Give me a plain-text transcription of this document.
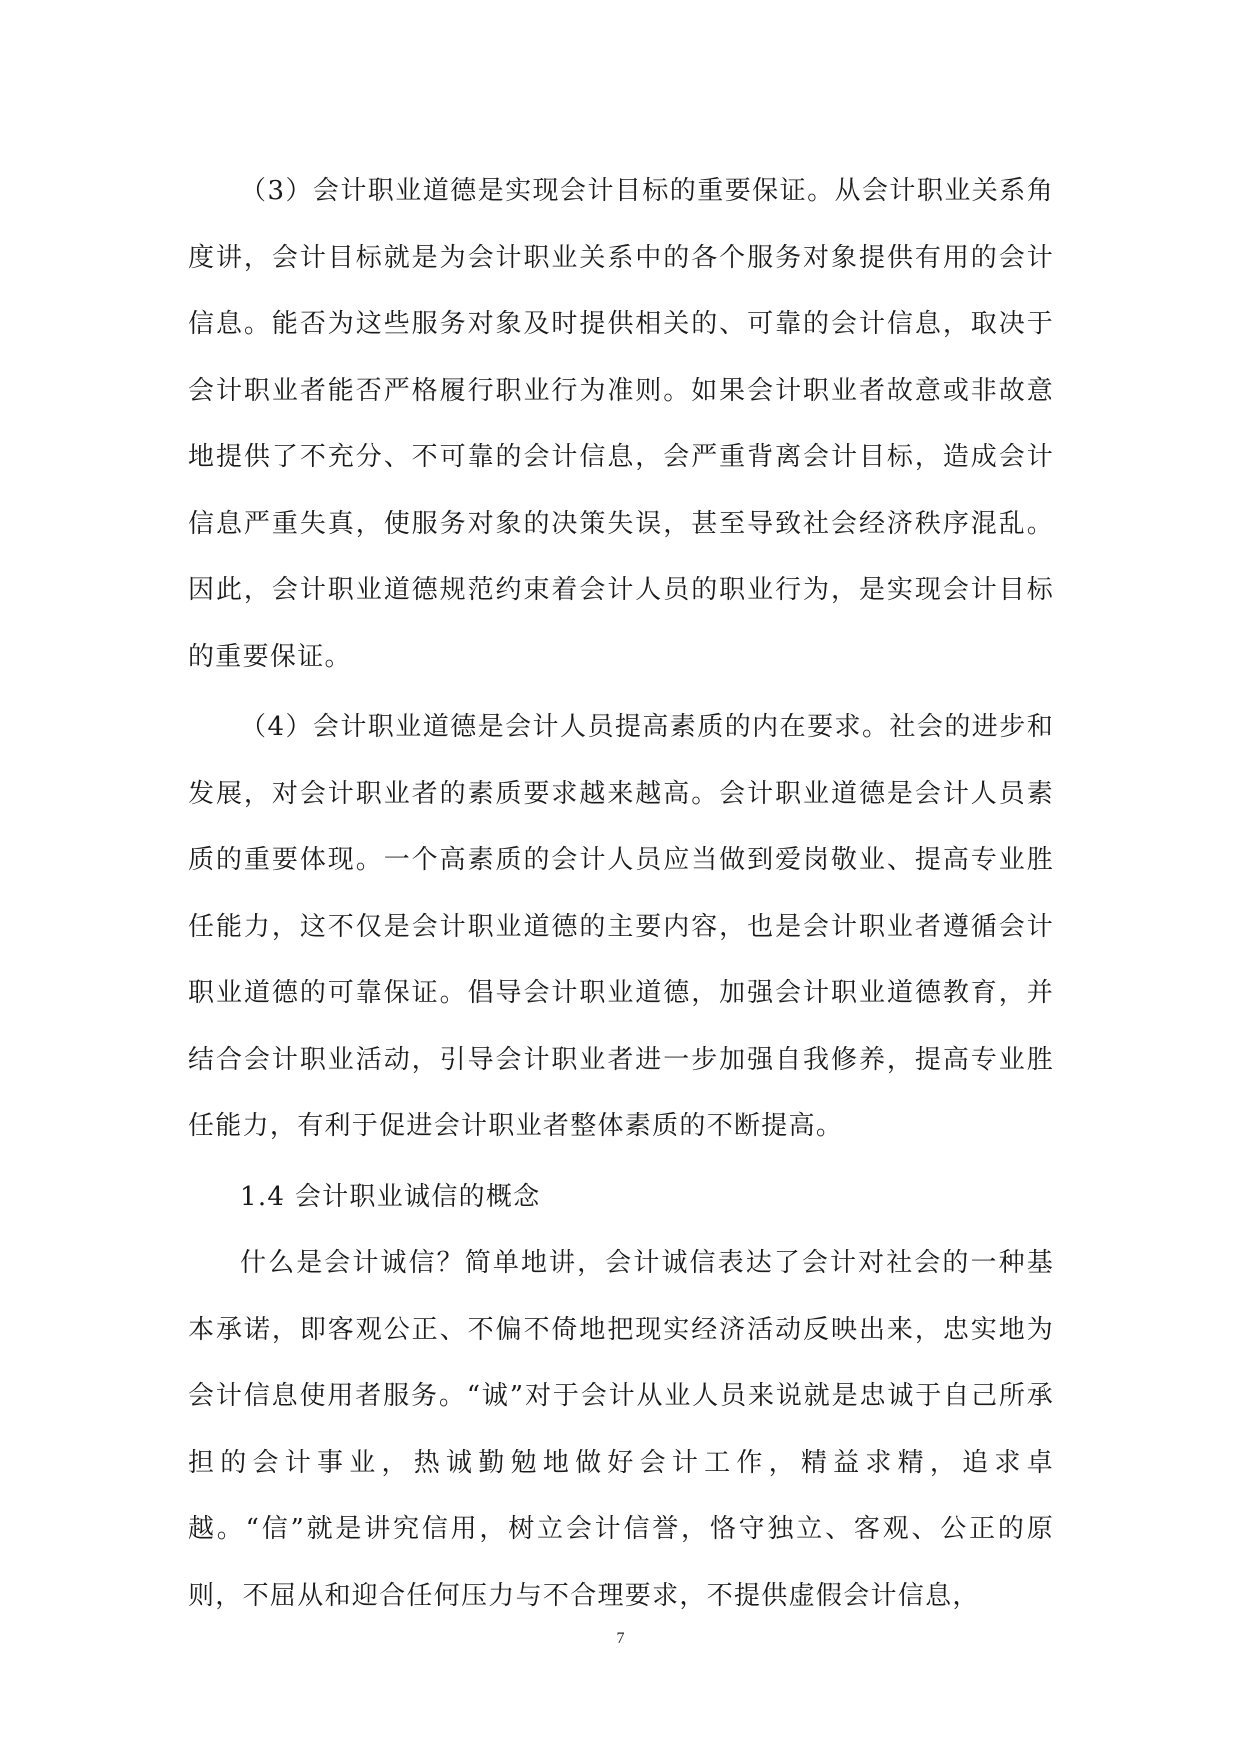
（3）会计职业道德是实现会计目标的重要保证。从会计职业关系角度讲，会计目标就是为会计职业关系中的各个服务对象提供有用的会计信息。能否为这些服务对象及时提供相关的、可靠的会计信息，取决于会计职业者能否严格履行职业行为准则。如果会计职业者故意或非故意地提供了不充分、不可靠的会计信息，会严重背离会计目标，造成会计信息严重失真，使服务对象的决策失误，甚至导致社会经济秩序混乱。因此，会计职业道德规范约束着会计人员的职业行为，是实现会计目标的重要保证。

（4）会计职业道德是会计人员提高素质的内在要求。社会的进步和发展，对会计职业者的素质要求越来越高。会计职业道德是会计人员素质的重要体现。一个高素质的会计人员应当做到爱岗敬业、提高专业胜任能力，这不仅是会计职业道德的主要内容，也是会计职业者遵循会计职业道德的可靠保证。倡导会计职业道德，加强会计职业道德教育，并结合会计职业活动，引导会计职业者进一步加强自我修养，提高专业胜任能力，有利于促进会计职业者整体素质的不断提高。

1.4 会计职业诚信的概念

什么是会计诚信？简单地讲，会计诚信表达了会计对社会的一种基本承诺，即客观公正、不偏不倚地把现实经济活动反映出来，忠实地为会计信息使用者服务。“诚”对于会计从业人员来说就是忠诚于自己所承担的会计事业，热诚勤勉地做好会计工作，精益求精，追求卓越。“信”就是讲究信用，树立会计信誉，恪守独立、客观、公正的原则，不屈从和迎合任何压力与不合理要求，不提供虚假会计信息，

7
